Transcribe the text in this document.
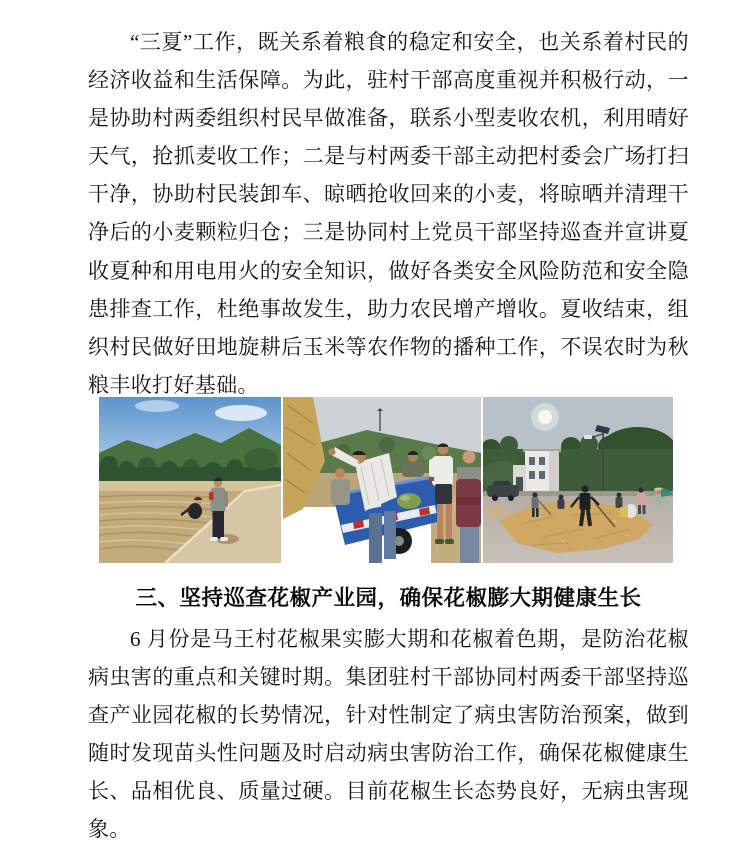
“三夏”工作，既关系着粮食的稳定和安全，也关系着村民的经济收益和生活保障。为此，驻村干部高度重视并积极行动，一是协助村两委组织村民早做准备，联系小型麦收农机，利用晴好天气，抢抓麦收工作；二是与村两委干部主动把村委会广场打扫干净，协助村民装卸车、晾晒抢收回来的小麦，将晾晒并清理干净后的小麦颗粒归仓；三是协同村上党员干部坚持巡查并宣讲夏收夏种和用电用火的安全知识，做好各类安全风险防范和安全隐患排查工作，杜绝事故发生，助力农民增产增收。夏收结束，组织村民做好田地旋耕后玉米等农作物的播种工作，不误农时为秋粮丰收打好基础。

三、坚持巡查花椒产业园，确保花椒膨大期健康生长

6 月份是马王村花椒果实膨大期和花椒着色期，是防治花椒病虫害的重点和关键时期。集团驻村干部协同村两委干部坚持巡查产业园花椒的长势情况，针对性制定了病虫害防治预案，做到随时发现苗头性问题及时启动病虫害防治工作，确保花椒健康生长、品相优良、质量过硬。目前花椒生长态势良好，无病虫害现象。
